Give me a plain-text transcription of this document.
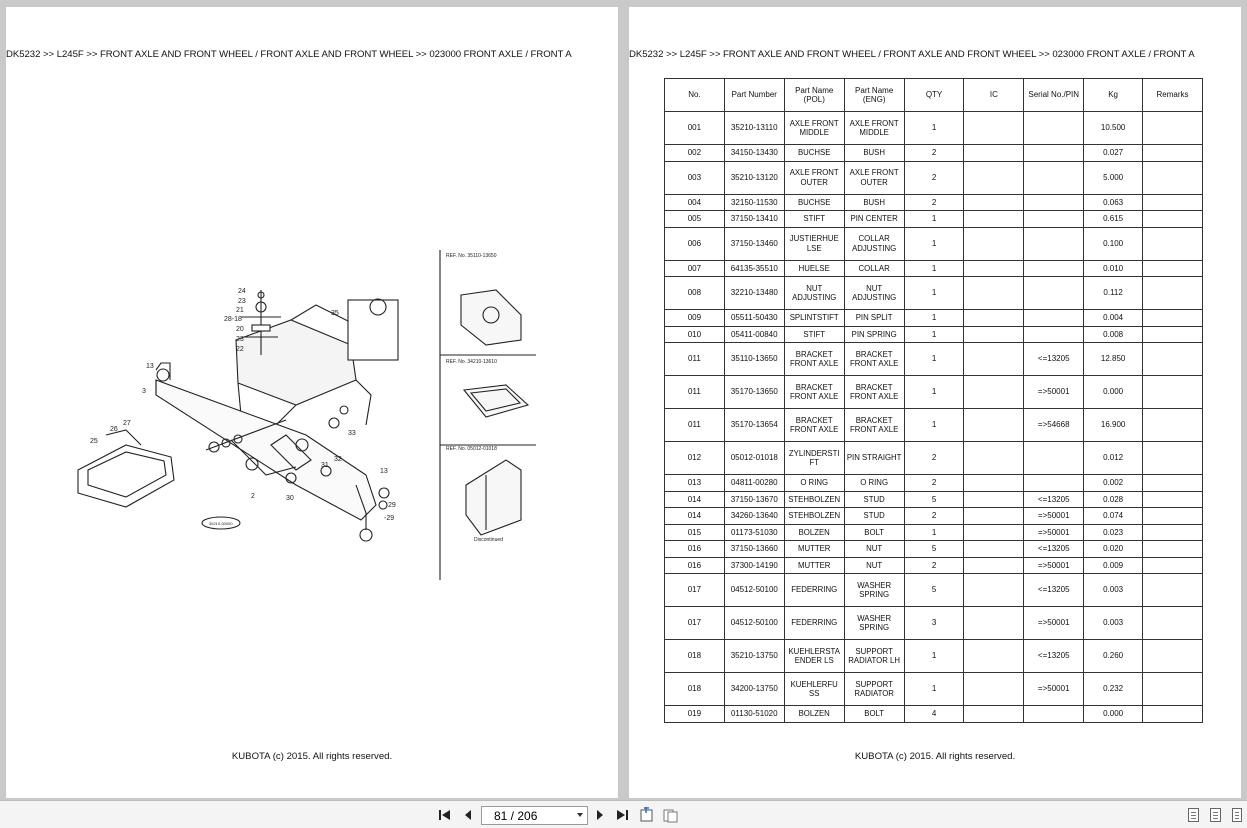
DK5232 >> L245F >> FRONT AXLE AND FRONT WHEEL / FRONT AXLE AND FRONT WHEEL >> 023000 FRONT AXLE / FRONT A
24
23
21
28-18
20
23
22
35
13
3
26
27
25
30
2
31
32
13
29
-29
33
REF. No. 35110-13650
REF. No. 34210-13610
REF. No. 05012-01018
Discontinued
35210-00000
KUBOTA (c) 2015. All rights reserved.
DK5232 >> L245F >> FRONT AXLE AND FRONT WHEEL / FRONT AXLE AND FRONT WHEEL >> 023000 FRONT AXLE / FRONT A
No.	Part Number	Part Name (POL)	Part Name (ENG)	QTY	IC	Serial No./PIN	Kg	Remarks
001	35210-13110	AXLE FRONT MIDDLE	AXLE FRONT MIDDLE	1			10.500	
002	34150-13430	BUCHSE	BUSH	2			0.027	
003	35210-13120	AXLE FRONT OUTER	AXLE FRONT OUTER	2			5.000	
004	32150-11530	BUCHSE	BUSH	2			0.063	
005	37150-13410	STIFT	PIN CENTER	1			0.615	
006	37150-13460	JUSTIERHUE LSE	COLLAR ADJUSTING	1			0.100	
007	64135-35510	HUELSE	COLLAR	1			0.010	
008	32210-13480	NUT ADJUSTING	NUT ADJUSTING	1			0.112	
009	05511-50430	SPLINTSTIFT	PIN SPLIT	1			0.004	
010	05411-00840	STIFT	PIN SPRING	1			0.008	
011	35110-13650	BRACKET FRONT AXLE	BRACKET FRONT AXLE	1		<=13205	12.850	
011	35170-13650	BRACKET FRONT AXLE	BRACKET FRONT AXLE	1		=>50001	0.000	
011	35170-13654	BRACKET FRONT AXLE	BRACKET FRONT AXLE	1		=>54668	16.900	
012	05012-01018	ZYLINDERSTI FT	PIN STRAIGHT	2			0.012	
013	04811-00280	O RING	O RING	2			0.002	
014	37150-13670	STEHBOLZEN	STUD	5		<=13205	0.028	
014	34260-13640	STEHBOLZEN	STUD	2		=>50001	0.074	
015	01173-51030	BOLZEN	BOLT	1		=>50001	0.023	
016	37150-13660	MUTTER	NUT	5		<=13205	0.020	
016	37300-14190	MUTTER	NUT	2		=>50001	0.009	
017	04512-50100	FEDERRING	WASHER SPRING	5		<=13205	0.003	
017	04512-50100	FEDERRING	WASHER SPRING	3		=>50001	0.003	
018	35210-13750	KUEHLERSTA ENDER LS	SUPPORT RADIATOR LH	1		<=13205	0.260	
018	34200-13750	KUEHLERFU SS	SUPPORT RADIATOR	1		=>50001	0.232	
019	01130-51020	BOLZEN	BOLT	4			0.000	
KUBOTA (c) 2015. All rights reserved.
81 / 206
